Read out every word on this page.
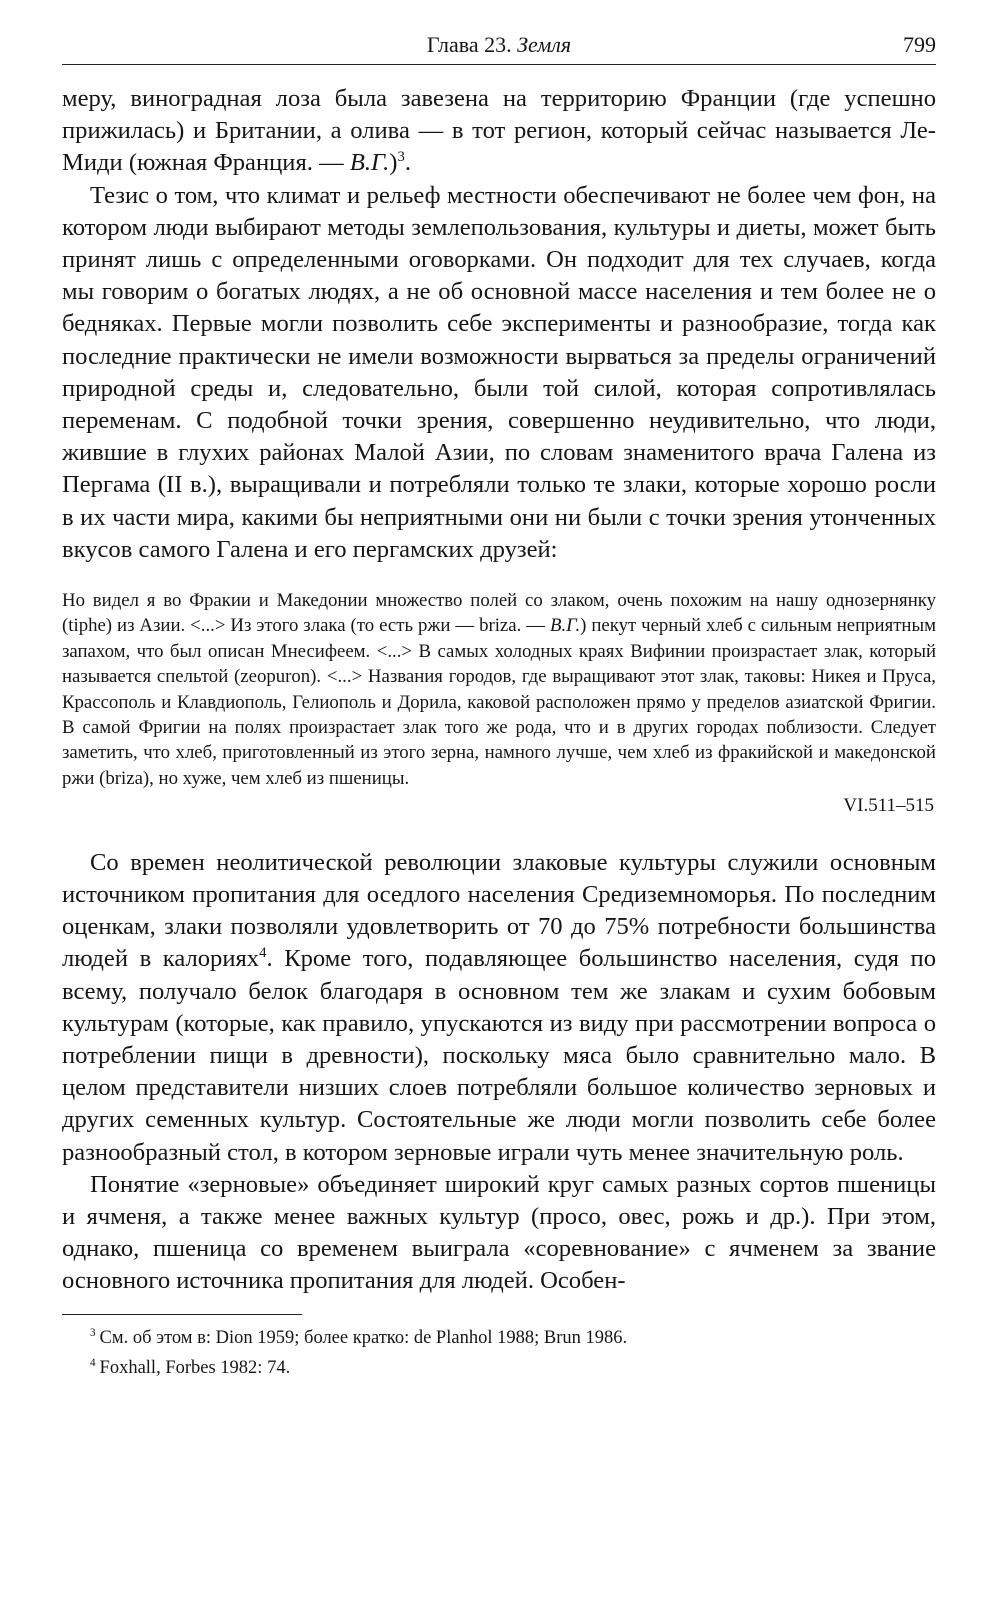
Глава 23. Земля	799

меру, виноградная лоза была завезена на территорию Франции (где успешно прижилась) и Британии, а олива — в тот регион, который сейчас называется Ле-Миди (южная Франция. — В.Г.)$^3$.

Тезис о том, что климат и рельеф местности обеспечивают не более чем фон, на котором люди выбирают методы землепользования, культуры и диеты, может быть принят лишь с определенными оговорками. Он подходит для тех случаев, когда мы говорим о богатых людях, а не об основной массе населения и тем более не о бедняках. Первые могли позволить себе эксперименты и разнообразие, тогда как последние практически не имели возможности вырваться за пределы ограничений природной среды и, следовательно, были той силой, которая сопротивлялась переменам. С подобной точки зрения, совершенно неудивительно, что люди, жившие в глухих районах Малой Азии, по словам знаменитого врача Галена из Пергама (II в.), выращивали и потребляли только те злаки, которые хорошо росли в их части мира, какими бы неприятными они ни были с точки зрения утонченных вкусов самого Галена и его пергамских друзей:

Но видел я во Фракии и Македонии множество полей со злаком, очень похожим на нашу однозернянку (tiphe) из Азии. <...> Из этого злака (то есть ржи — briza. — В.Г.) пекут черный хлеб с сильным неприятным запахом, что был описан Мнесифеем. <...> В самых холодных краях Вифинии произрастает злак, который называется спельтой (zeopuron). <...> Названия городов, где выращивают этот злак, таковы: Никея и Пруса, Крассополь и Клавдиополь, Гелиополь и Дорила, каковой расположен прямо у пределов азиатской Фригии. В самой Фригии на полях произрастает злак того же рода, что и в других городах поблизости. Следует заметить, что хлеб, приготовленный из этого зерна, намного лучше, чем хлеб из фракийской и македонской ржи (briza), но хуже, чем хлеб из пшеницы.

VI.511–515

Со времен неолитической революции злаковые культуры служили основным источником пропитания для оседлого населения Средиземноморья. По последним оценкам, злаки позволяли удовлетворить от 70 до 75% потребности большинства людей в калориях$^4$. Кроме того, подавляющее большинство населения, судя по всему, получало белок благодаря в основном тем же злакам и сухим бобовым культурам (которые, как правило, упускаются из виду при рассмотрении вопроса о потреблении пищи в древности), поскольку мяса было сравнительно мало. В целом представители низших слоев потребляли большое количество зерновых и других семенных культур. Состоятельные же люди могли позволить себе более разнообразный стол, в котором зерновые играли чуть менее значительную роль.

Понятие «зерновые» объединяет широкий круг самых разных сортов пшеницы и ячменя, а также менее важных культур (просо, овес, рожь и др.). При этом, однако, пшеница со временем выиграла «соревнование» с ячменем за звание основного источника пропитания для людей. Особен-

$^3$ См. об этом в: Dion 1959; более кратко: de Planhol 1988; Brun 1986.

$^4$ Foxhall, Forbes 1982: 74.
